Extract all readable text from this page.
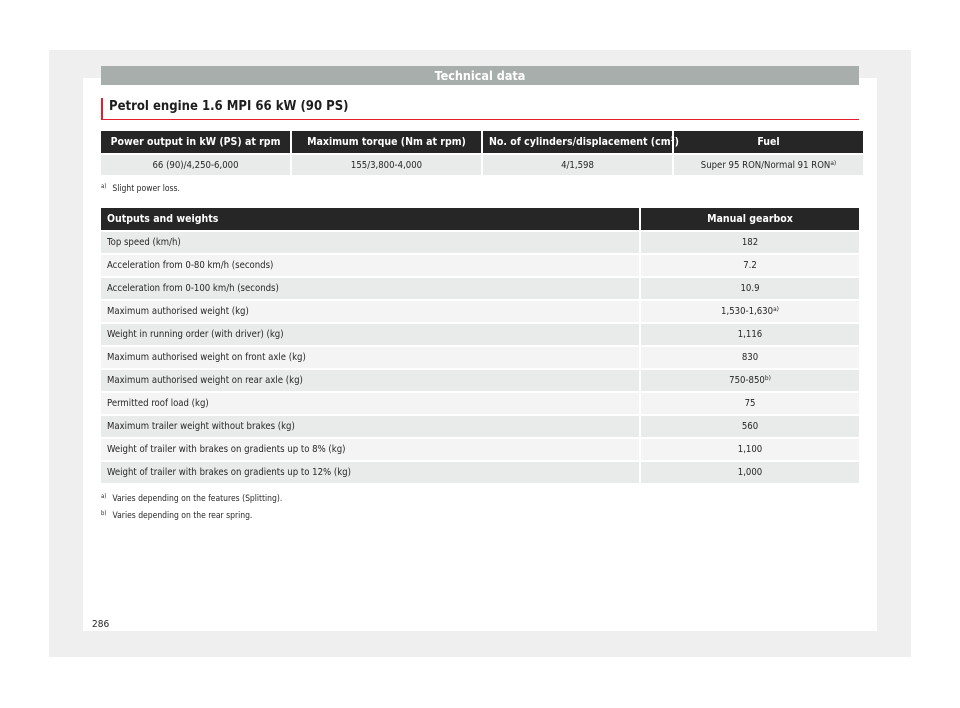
Technical data
Petrol engine 1.6 MPI 66 kW (90 PS)
Power output in kW (PS) at rpm	Maximum torque (Nm at rpm)	No. of cylinders/displacement $(cm^3)$	Fuel
66 (90)/4,250-6,000	155/3,800-4,000	4/1,598	Super 95 RON/Normal 91 RON$^{a)}$
$^{a)}$ Slight power loss.
Outputs and weights	Manual gearbox
Top speed (km/h)	182
Acceleration from 0-80 km/h (seconds)	7.2
Acceleration from 0-100 km/h (seconds)	10.9
Maximum authorised weight (kg)	1,530-1,630$^{a)}$
Weight in running order (with driver) (kg)	1,116
Maximum authorised weight on front axle (kg)	830
Maximum authorised weight on rear axle (kg)	750-850$^{b)}$
Permitted roof load (kg)	75
Maximum trailer weight without brakes (kg)	560
Weight of trailer with brakes on gradients up to 8% (kg)	1,100
Weight of trailer with brakes on gradients up to 12% (kg)	1,000
$^{a)}$ Varies depending on the features (Splitting).
$^{b)}$ Varies depending on the rear spring.
286
